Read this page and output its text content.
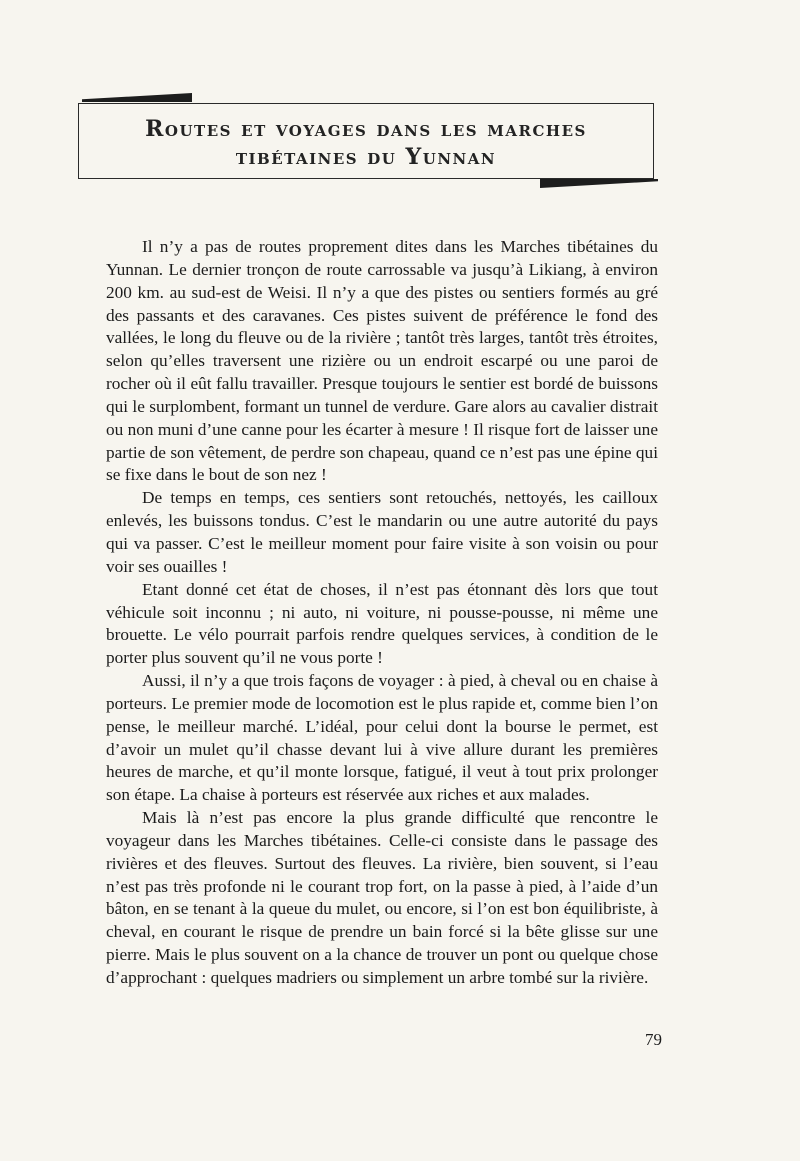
Routes et voyages dans les marches
tibétaines du Yunnan

Il n’y a pas de routes proprement dites dans les Marches tibétaines du Yunnan. Le dernier tronçon de route carrossable va jusqu’à Likiang, à environ 200 km. au sud-est de Weisi. Il n’y a que des pistes ou sentiers formés au gré des passants et des caravanes. Ces pistes suivent de préférence le fond des vallées, le long du fleuve ou de la rivière ; tantôt très larges, tantôt très étroites, selon qu’elles traversent une rizière ou un endroit escarpé ou une paroi de rocher où il eût fallu travailler. Presque toujours le sentier est bordé de buissons qui le surplombent, formant un tunnel de verdure. Gare alors au cavalier distrait ou non muni d’une canne pour les écarter à mesure ! Il risque fort de laisser une partie de son vêtement, de perdre son chapeau, quand ce n’est pas une épine qui se fixe dans le bout de son nez !

De temps en temps, ces sentiers sont retouchés, nettoyés, les cailloux enlevés, les buissons tondus. C’est le mandarin ou une autre autorité du pays qui va passer. C’est le meilleur moment pour faire visite à son voisin ou pour voir ses ouailles !

Etant donné cet état de choses, il n’est pas étonnant dès lors que tout véhicule soit inconnu ; ni auto, ni voiture, ni pousse-pousse, ni même une brouette. Le vélo pourrait parfois rendre quelques services, à condition de le porter plus souvent qu’il ne vous porte !

Aussi, il n’y a que trois façons de voyager : à pied, à cheval ou en chaise à porteurs. Le premier mode de locomotion est le plus rapide et, comme bien l’on pense, le meilleur marché. L’idéal, pour celui dont la bourse le permet, est d’avoir un mulet qu’il chasse devant lui à vive allure durant les premières heures de marche, et qu’il monte lorsque, fatigué, il veut à tout prix prolonger son étape. La chaise à porteurs est réservée aux riches et aux malades.

Mais là n’est pas encore la plus grande difficulté que rencontre le voyageur dans les Marches tibétaines. Celle-ci consiste dans le passage des rivières et des fleuves. Surtout des fleuves. La rivière, bien souvent, si l’eau n’est pas très profonde ni le courant trop fort, on la passe à pied, à l’aide d’un bâton, en se tenant à la queue du mulet, ou encore, si l’on est bon équilibriste, à cheval, en courant le risque de prendre un bain forcé si la bête glisse sur une pierre. Mais le plus souvent on a la chance de trouver un pont ou quelque chose d’approchant : quelques madriers ou simplement un arbre tombé sur la rivière.

79
